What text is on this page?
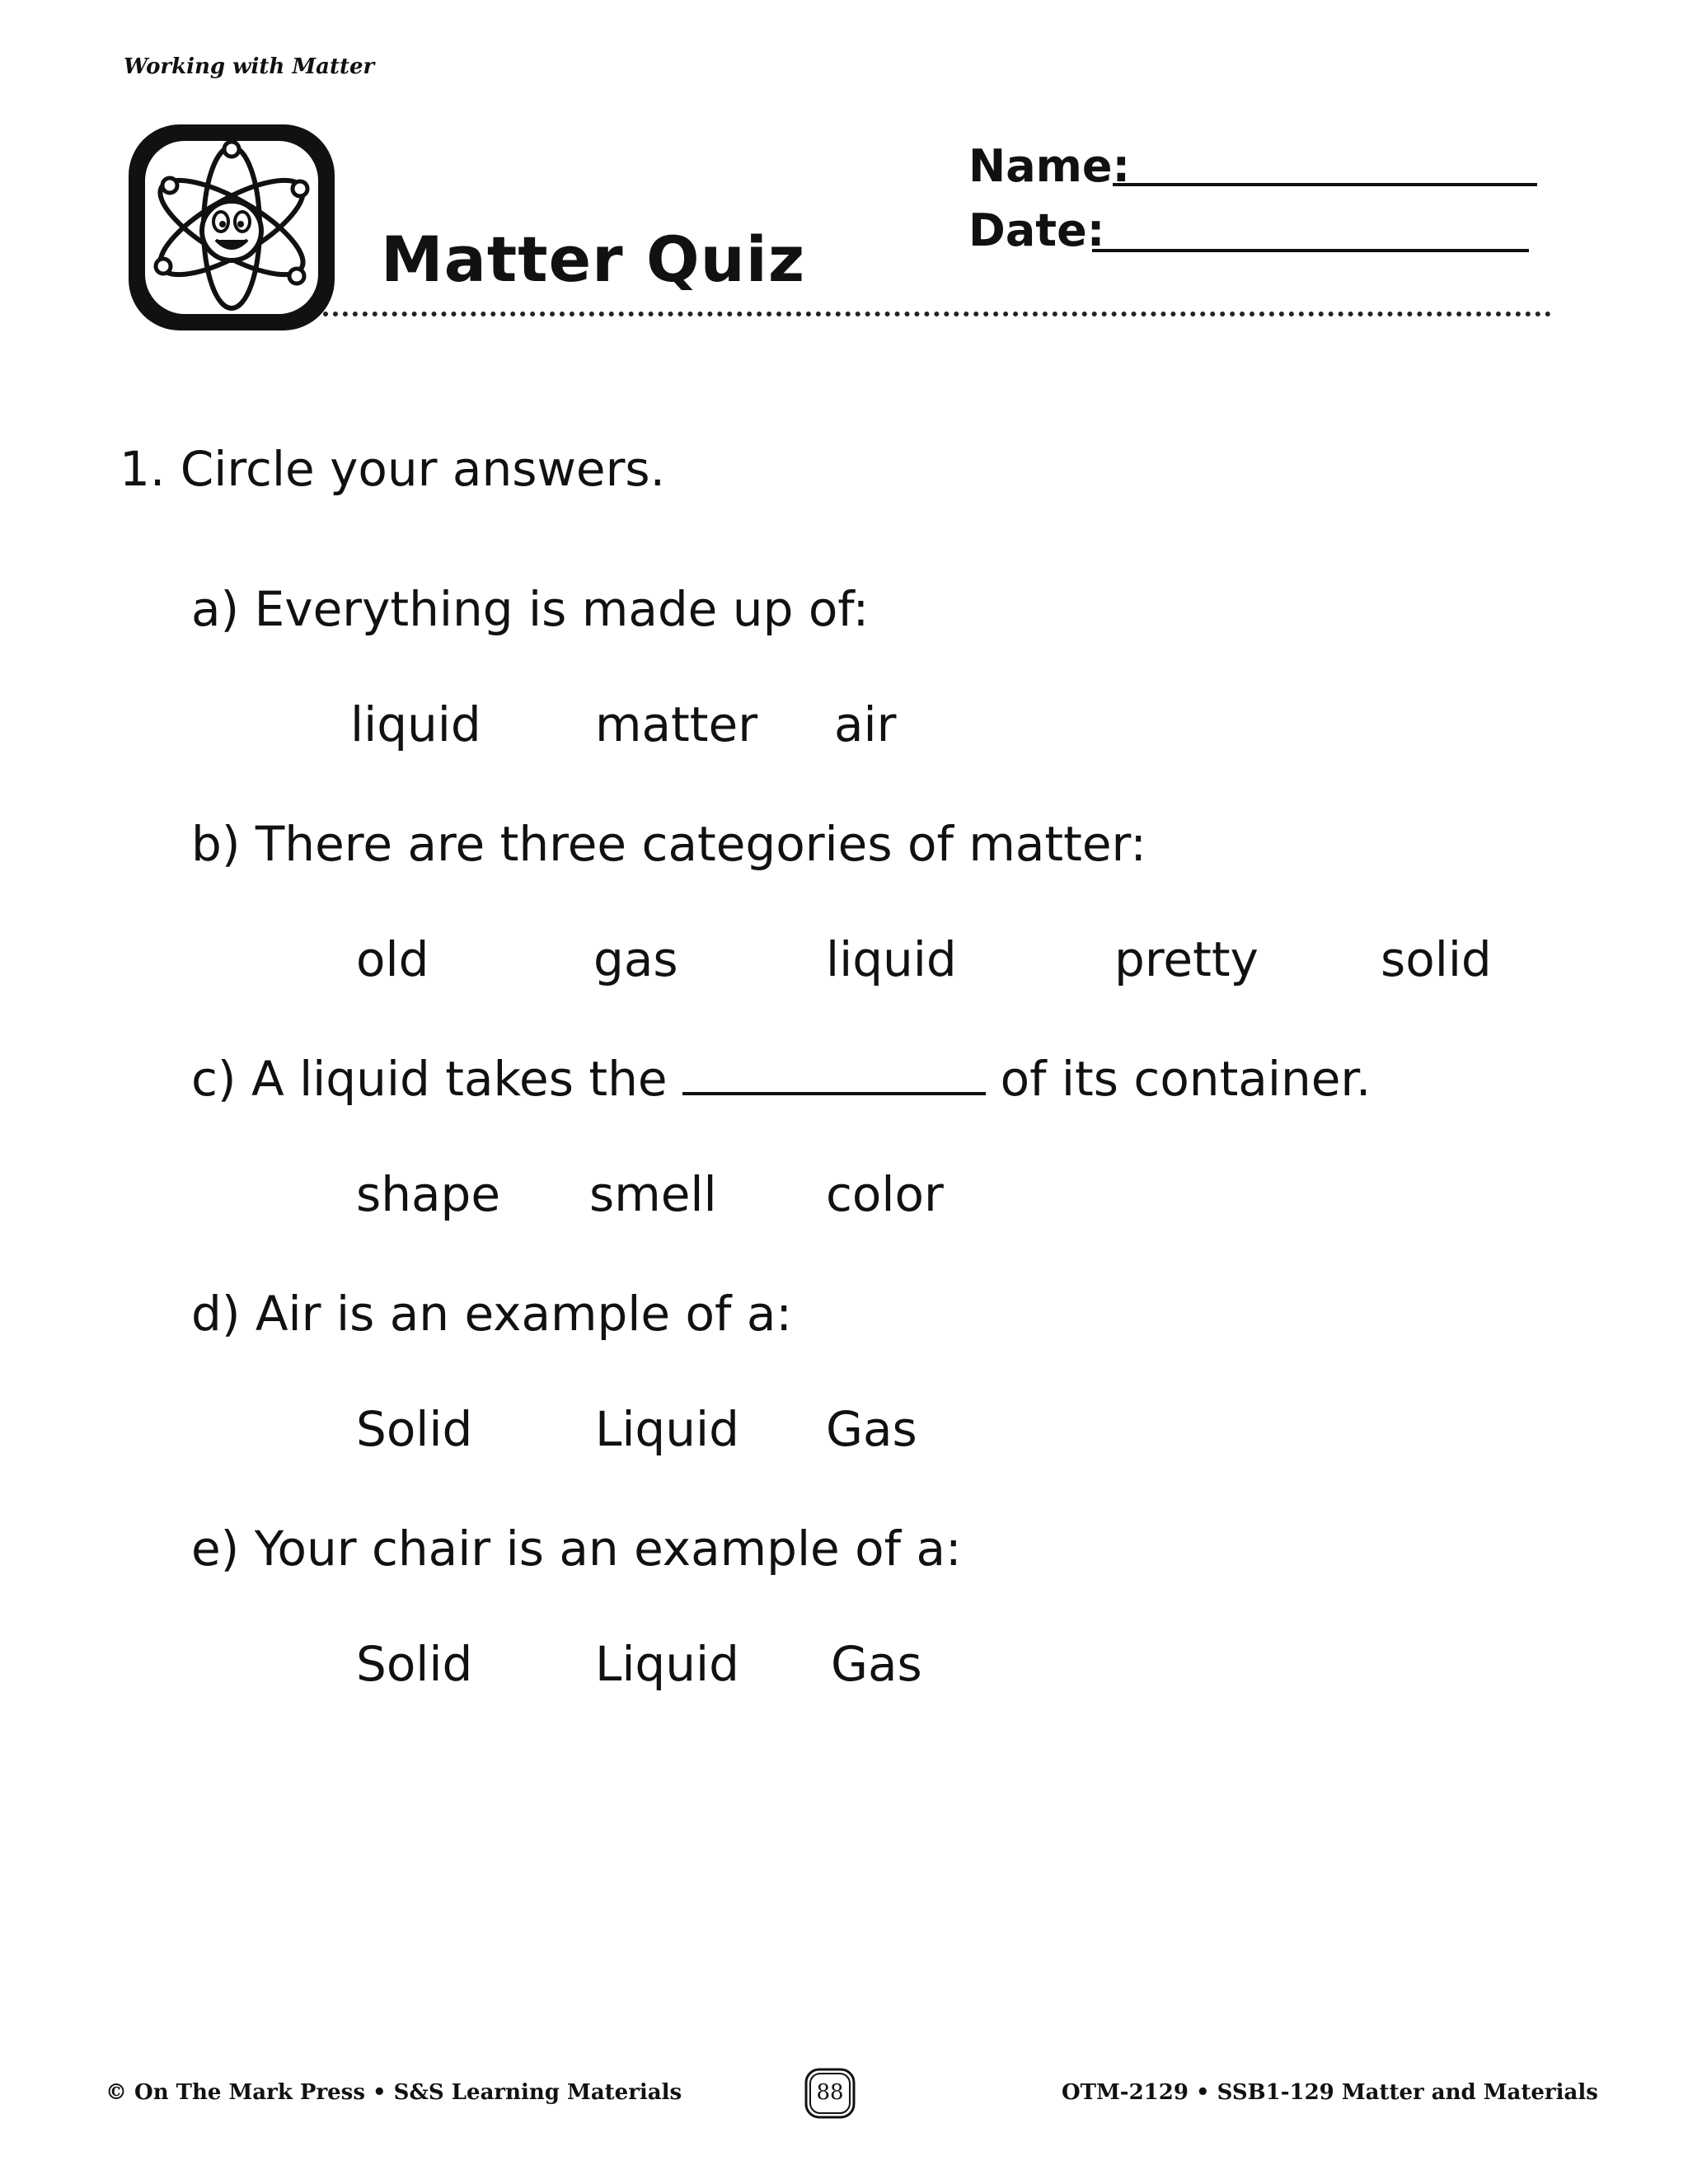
Working with Matter
Matter Quiz
Name:
Date:
1. Circle your answers.
a) Everything is made up of:
liquid matter air
b) There are three categories of matter:
old	gas	liquid	pretty	solid
c) A liquid takes the	of its container.
shape smell color
d) Air is an example of a:
Solid	Liquid Gas
e) Your chair is an example of a:
Solid	Liquid Gas
© On The Mark Press • S&S Learning Materials	88	OTM-2129 • SSB1-129 Matter and Materials
